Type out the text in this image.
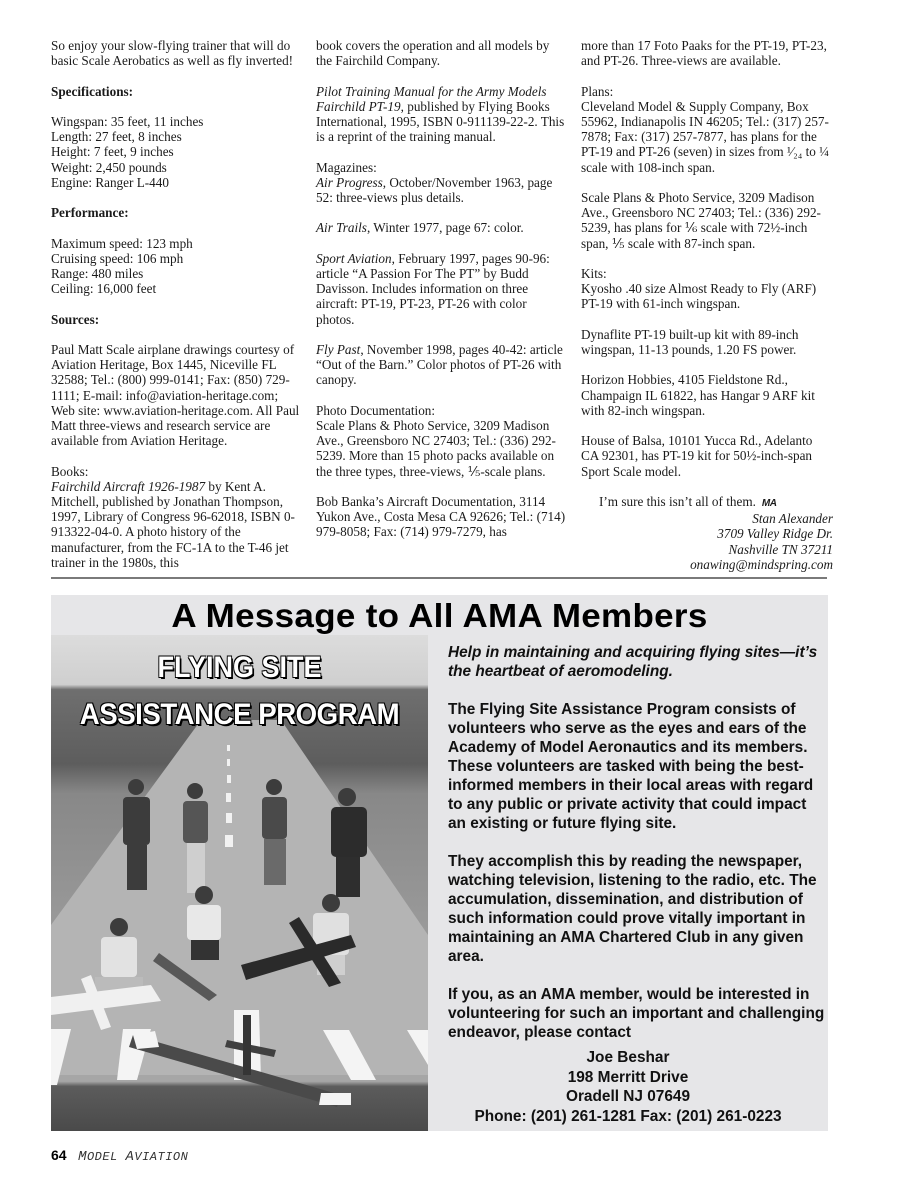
So enjoy your slow-flying trainer that will do basic Scale Aerobatics as well as fly inverted!

Specifications:

Wingspan: 35 feet, 11 inches
Length: 27 feet, 8 inches
Height: 7 feet, 9 inches
Weight: 2,450 pounds
Engine: Ranger L-440

Performance:

Maximum speed: 123 mph
Cruising speed: 106 mph
Range: 480 miles
Ceiling: 16,000 feet

Sources:

Paul Matt Scale airplane drawings courtesy of Aviation Heritage, Box 1445, Niceville FL 32588; Tel.: (800) 999-0141; Fax: (850) 729-1111; E-mail: info@aviation-heritage.com; Web site: www.aviation-heritage.com. All Paul Matt three-views and research service are available from Aviation Heritage.

Books:

Fairchild Aircraft 1926-1987 by Kent A. Mitchell, published by Jonathan Thompson, 1997, Library of Congress 96-62018, ISBN 0-913322-04-0. A photo history of the manufacturer, from the FC-1A to the T-46 jet trainer in the 1980s, this

book covers the operation and all models by the Fairchild Company.

Pilot Training Manual for the Army Models Fairchild PT-19, published by Flying Books International, 1995, ISBN 0-911139-22-2. This is a reprint of the training manual.

Magazines:

Air Progress, October/November 1963, page 52: three-views plus details.

Air Trails, Winter 1977, page 67: color.

Sport Aviation, February 1997, pages 90-96: article “A Passion For The PT” by Budd Davisson. Includes information on three aircraft: PT-19, PT-23, PT-26 with color photos.

Fly Past, November 1998, pages 40-42: article “Out of the Barn.” Color photos of PT-26 with canopy.

Photo Documentation:

Scale Plans & Photo Service, 3209 Madison Ave., Greensboro NC 27403; Tel.: (336) 292-5239. More than 15 photo packs available on the three types, three-views, ⅕-scale plans.

Bob Banka’s Aircraft Documentation, 3114 Yukon Ave., Costa Mesa CA 92626; Tel.: (714) 979-8058; Fax: (714) 979-7279, has

more than 17 Foto Paaks for the PT-19, PT-23, and PT-26. Three-views are available.

Plans:

Cleveland Model & Supply Company, Box 55962, Indianapolis IN 46205; Tel.: (317) 257-7878; Fax: (317) 257-7877, has plans for the PT-19 and PT-26 (seven) in sizes from ¹⁄₂₄ to ¼ scale with 108-inch span.

Scale Plans & Photo Service, 3209 Madison Ave., Greensboro NC 27403; Tel.: (336) 292-5239, has plans for ⅙ scale with 72½-inch span, ⅕ scale with 87-inch span.

Kits:

Kyosho .40 size Almost Ready to Fly (ARF) PT-19 with 61-inch wingspan.

Dynaflite PT-19 built-up kit with 89-inch wingspan, 11-13 pounds, 1.20 FS power.

Horizon Hobbies, 4105 Fieldstone Rd., Champaign IL 61822, has Hangar 9 ARF kit with 82-inch wingspan.

House of Balsa, 10101 Yucca Rd., Adelanto CA 92301, has PT-19 kit for 50½-inch-span Sport Scale model.

I’m sure this isn’t all of them. MA

Stan Alexander
3709 Valley Ridge Dr.
Nashville TN 37211
onawing@mindspring.com
A Message to All AMA Members
FLYING SITE
ASSISTANCE PROGRAM

Help in maintaining and acquiring flying sites—it’s the heartbeat of aeromodeling.

The Flying Site Assistance Program consists of volunteers who serve as the eyes and ears of the Academy of Model Aeronautics and its members. These volunteers are tasked with being the best-informed members in their local areas with regard to any public or private activity that could impact an existing or future flying site.

They accomplish this by reading the newspaper, watching television, listening to the radio, etc. The accumulation, dissemination, and distribution of such information could prove vitally important in maintaining an AMA Chartered Club in any given area.

If you, as an AMA member, would be interested in volunteering for such an important and challenging endeavor, please contact

Joe Beshar
198 Merritt Drive
Oradell NJ 07649
Phone: (201) 261-1281 Fax: (201) 261-0223
64 MODEL AVIATION
